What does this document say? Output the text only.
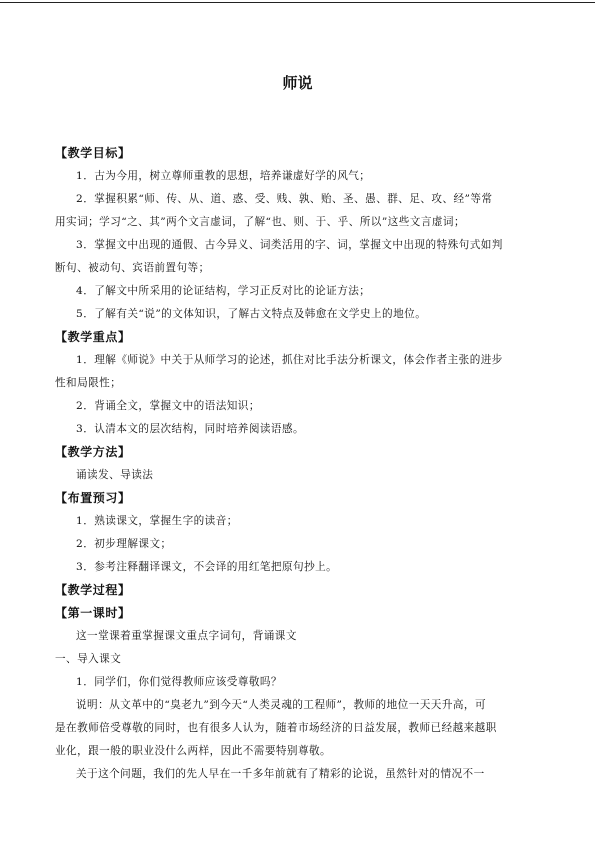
师说
【教学目标】

1．古为今用，树立尊师重教的思想，培养谦虚好学的风气；

2．掌握积累“师、传、从、道、惑、受、贱、孰、贻、圣、愚、群、足、攻、经”等常

用实词；学习“之、其”两个文言虚词，了解“也、则、于、乎、所以”这些文言虚词；

3．掌握文中出现的通假、古今异义、词类活用的字、词，掌握文中出现的特殊句式如判

断句、被动句、宾语前置句等；

4．了解文中所采用的论证结构，学习正反对比的论证方法；

5．了解有关“说”的文体知识，了解古文特点及韩愈在文学史上的地位。

【教学重点】

1．理解《师说》中关于从师学习的论述，抓住对比手法分析课文，体会作者主张的进步

性和局限性；

2．背诵全文，掌握文中的语法知识；

3．认清本文的层次结构，同时培养阅读语感。

【教学方法】

诵读发、导读法

【布置预习】

1．熟读课文，掌握生字的读音；

2．初步理解课文；

3．参考注释翻译课文，不会译的用红笔把原句抄上。

【教学过程】
【第一课时】

这一堂课着重掌握课文重点字词句，背诵课文

一、导入课文

1．同学们，你们觉得教师应该受尊敬吗？

说明：从文革中的“臭老九”到今天“人类灵魂的工程师”，教师的地位一天天升高，可

是在教师倍受尊敬的同时，也有很多人认为，随着市场经济的日益发展，教师已经越来越职

业化，跟一般的职业没什么两样，因此不需要特别尊敬。

关于这个问题，我们的先人早在一千多年前就有了精彩的论说，虽然针对的情况不一
